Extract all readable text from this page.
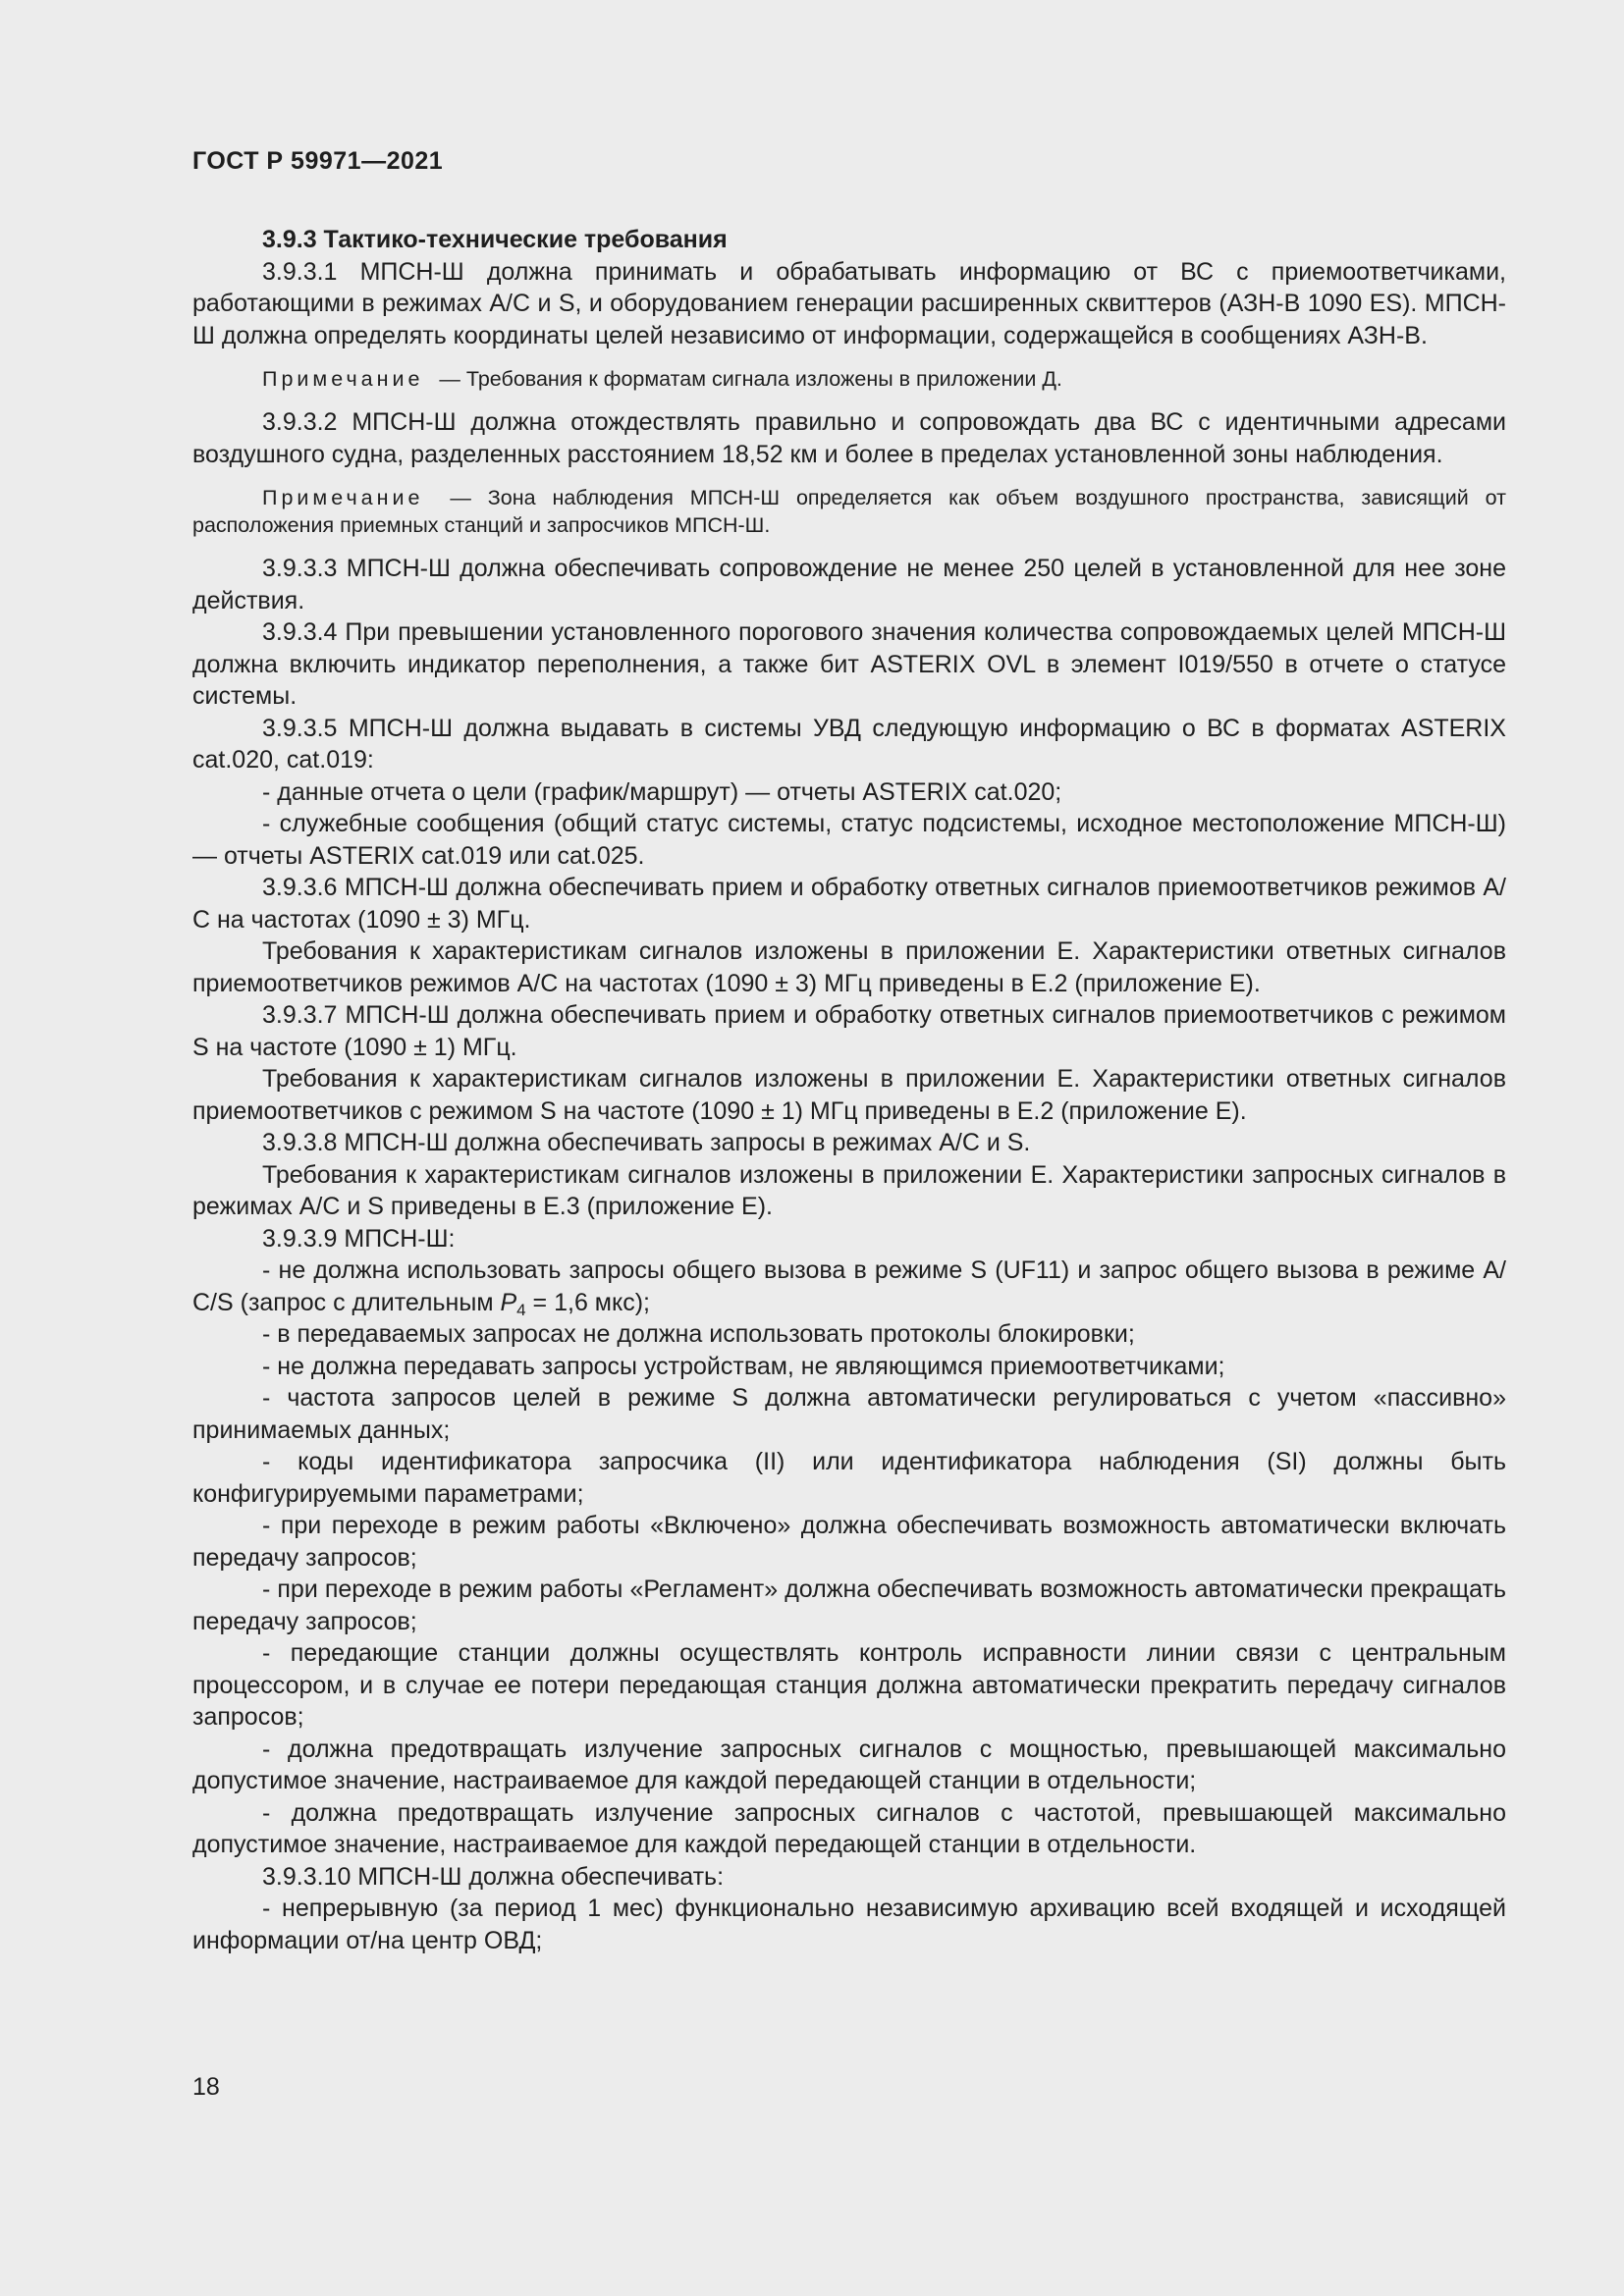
ГОСТ Р 59971—2021

3.9.3 Тактико-технические требования

3.9.3.1 МПСН-Ш должна принимать и обрабатывать информацию от ВС с приемоответчиками, работающими в режимах А/С и S, и оборудованием генерации расширенных сквиттеров (АЗН-В 1090 ES). МПСН-Ш должна определять координаты целей независимо от информации, содержащейся в сообщениях АЗН-В.

Примечание — Требования к форматам сигнала изложены в приложении Д.

3.9.3.2 МПСН-Ш должна отождествлять правильно и сопровождать два ВС с идентичными адресами воздушного судна, разделенных расстоянием 18,52 км и более в пределах установленной зоны наблюдения.

Примечание — Зона наблюдения МПСН-Ш определяется как объем воздушного пространства, зависящий от расположения приемных станций и запросчиков МПСН-Ш.

3.9.3.3 МПСН-Ш должна обеспечивать сопровождение не менее 250 целей в установленной для нее зоне действия.

3.9.3.4 При превышении установленного порогового значения количества сопровождаемых целей МПСН-Ш должна включить индикатор переполнения, а также бит ASTERIX OVL в элемент I019/550 в отчете о статусе системы.

3.9.3.5 МПСН-Ш должна выдавать в системы УВД следующую информацию о ВС в форматах ASTERIX cat.020, cat.019:

- данные отчета о цели (график/маршрут) — отчеты ASTERIX cat.020;

- служебные сообщения (общий статус системы, статус подсистемы, исходное местоположение МПСН-Ш) — отчеты ASTERIX cat.019 или cat.025.

3.9.3.6 МПСН-Ш должна обеспечивать прием и обработку ответных сигналов приемоответчиков режимов А/С на частотах (1090 ± 3) МГц.

Требования к характеристикам сигналов изложены в приложении Е. Характеристики ответных сигналов приемоответчиков режимов А/С на частотах (1090 ± 3) МГц приведены в Е.2 (приложение Е).

3.9.3.7 МПСН-Ш должна обеспечивать прием и обработку ответных сигналов приемоответчиков с режимом S на частоте (1090 ± 1) МГц.

Требования к характеристикам сигналов изложены в приложении Е. Характеристики ответных сигналов приемоответчиков с режимом S на частоте (1090 ± 1) МГц приведены в Е.2 (приложение Е).

3.9.3.8 МПСН-Ш должна обеспечивать запросы в режимах А/С и S.

Требования к характеристикам сигналов изложены в приложении Е. Характеристики запросных сигналов в режимах А/С и S приведены в Е.3 (приложение Е).

3.9.3.9 МПСН-Ш:

- не должна использовать запросы общего вызова в режиме S (UF11) и запрос общего вызова в режиме А/С/S (запрос с длительным $P_4 = 1,6$ мкс);

- в передаваемых запросах не должна использовать протоколы блокировки;

- не должна передавать запросы устройствам, не являющимся приемоответчиками;

- частота запросов целей в режиме S должна автоматически регулироваться с учетом «пассивно» принимаемых данных;

- коды идентификатора запросчика (II) или идентификатора наблюдения (SI) должны быть конфигурируемыми параметрами;

- при переходе в режим работы «Включено» должна обеспечивать возможность автоматически включать передачу запросов;

- при переходе в режим работы «Регламент» должна обеспечивать возможность автоматически прекращать передачу запросов;

- передающие станции должны осуществлять контроль исправности линии связи с центральным процессором, и в случае ее потери передающая станция должна автоматически прекратить передачу сигналов запросов;

- должна предотвращать излучение запросных сигналов с мощностью, превышающей максимально допустимое значение, настраиваемое для каждой передающей станции в отдельности;

- должна предотвращать излучение запросных сигналов с частотой, превышающей максимально допустимое значение, настраиваемое для каждой передающей станции в отдельности.

3.9.3.10 МПСН-Ш должна обеспечивать:

- непрерывную (за период 1 мес) функционально независимую архивацию всей входящей и исходящей информации от/на центр ОВД;

18
